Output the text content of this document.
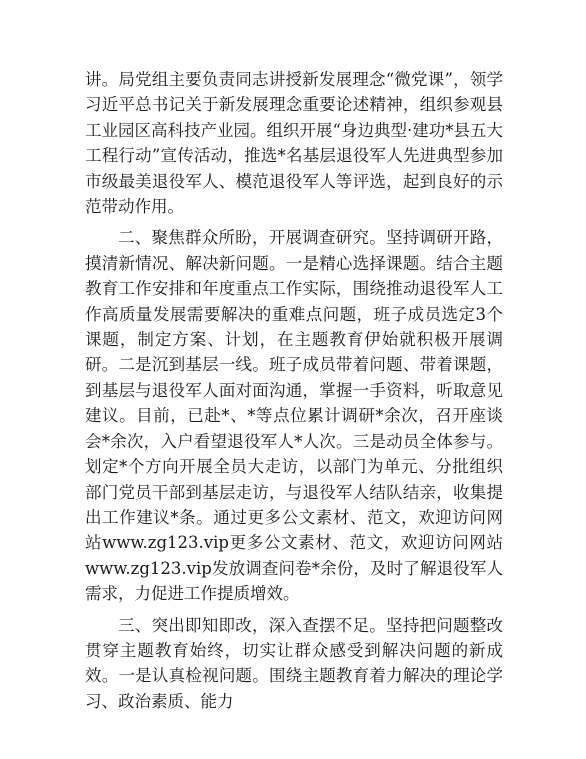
讲。局党组主要负责同志讲授新发展理念“微党课”，领学习近平总书记关于新发展理念重要论述精神，组织参观县工业园区高科技产业园。组织开展“身边典型·建功*县五大工程行动”宣传活动，推选*名基层退役军人先进典型参加市级最美退役军人、模范退役军人等评选，起到良好的示范带动作用。

二、聚焦群众所盼，开展调查研究。坚持调研开路，摸清新情况、解决新问题。一是精心选择课题。结合主题教育工作安排和年度重点工作实际，围绕推动退役军人工作高质量发展需要解决的重难点问题，班子成员选定3个课题，制定方案、计划，在主题教育伊始就积极开展调研。二是沉到基层一线。班子成员带着问题、带着课题，到基层与退役军人面对面沟通，掌握一手资料，听取意见建议。目前，已赴*、*等点位累计调研*余次，召开座谈会*余次，入户看望退役军人*人次。三是动员全体参与。划定*个方向开展全员大走访，以部门为单元、分批组织部门党员干部到基层走访，与退役军人结队结亲，收集提出工作建议*条。通过更多公文素材、范文，欢迎访问网站www.zg123.vip更多公文素材、范文，欢迎访问网站www.zg123.vip发放调查问卷*余份，及时了解退役军人需求，力促进工作提质增效。

三、突出即知即改，深入查摆不足。坚持把问题整改贯穿主题教育始终，切实让群众感受到解决问题的新成效。一是认真检视问题。围绕主题教育着力解决的理论学习、政治素质、能力
